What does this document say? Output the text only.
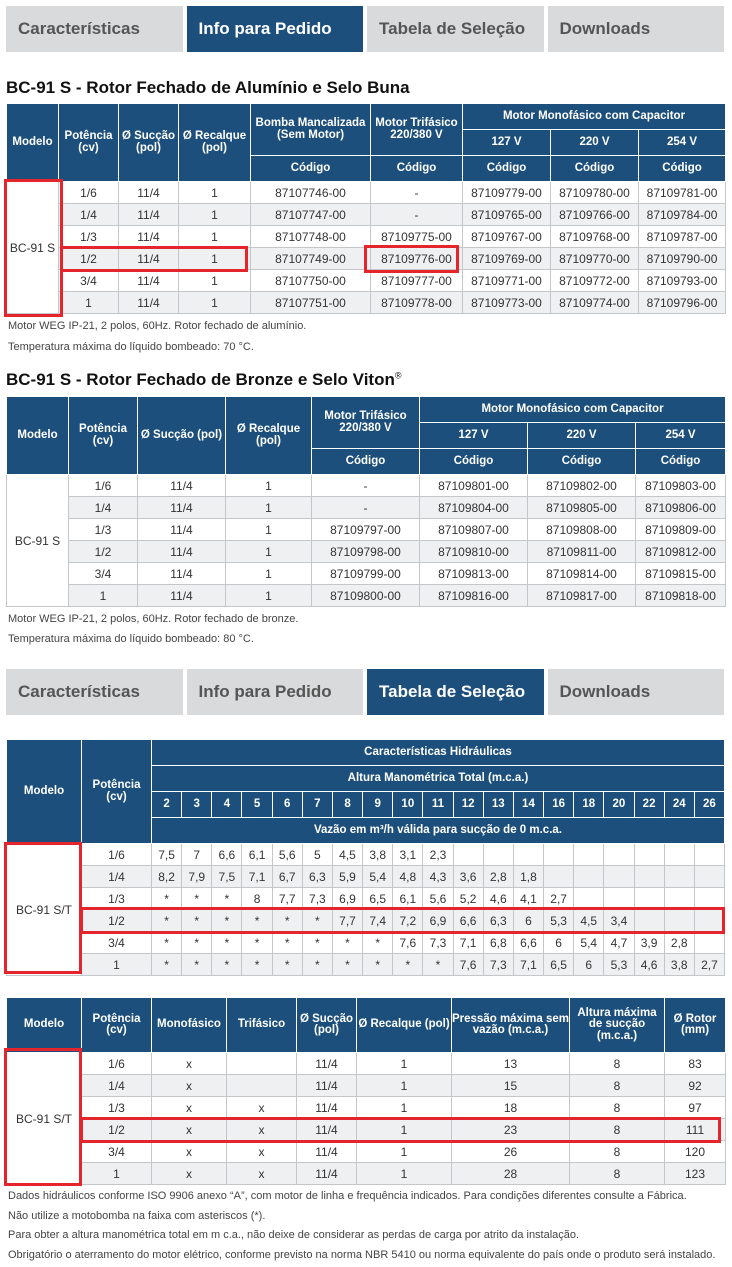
Características	Info para Pedido	Tabela de Seleção	Downloads
BC-91 S - Rotor Fechado de Alumínio e Selo Buna
Modelo	Potência (cv)	Ø Sucção (pol)	Ø Recalque (pol)	Bomba Mancalizada (Sem Motor)	Motor Trifásico 220/380 V	Motor Monofásico com Capacitor		
						127 V	220 V	254 V
				Código	Código	Código	Código	Código
BC-91 S	1/6	11/4	1	87107746-00	-	87109779-00	87109780-00	87109781-00
	1/4	11/4	1	87107747-00	-	87109765-00	87109766-00	87109784-00
	1/3	11/4	1	87107748-00	87109775-00	87109767-00	87109768-00	87109787-00
	1/2	11/4	1	87107749-00	87109776-00	87109769-00	87109770-00	87109790-00
	3/4	11/4	1	87107750-00	87109777-00	87109771-00	87109772-00	87109793-00
	1	11/4	1	87107751-00	87109778-00	87109773-00	87109774-00	87109796-00
Motor WEG IP-21, 2 polos, 60Hz. Rotor fechado de alumínio.
Temperatura máxima do líquido bombeado: 70 °C.
BC-91 S - Rotor Fechado de Bronze e Selo Viton®
Modelo	Potência (cv)	Ø Sucção (pol)	Ø Recalque (pol)	Motor Trifásico 220/380 V	Motor Monofásico com Capacitor		
					127 V	220 V	254 V
				Código	Código	Código	Código
BC-91 S	1/6	11/4	1	-	87109801-00	87109802-00	87109803-00
	1/4	11/4	1	-	87109804-00	87109805-00	87109806-00
	1/3	11/4	1	87109797-00	87109807-00	87109808-00	87109809-00
	1/2	11/4	1	87109798-00	87109810-00	87109811-00	87109812-00
	3/4	11/4	1	87109799-00	87109813-00	87109814-00	87109815-00
	1	11/4	1	87109800-00	87109816-00	87109817-00	87109818-00
Motor WEG IP-21, 2 polos, 60Hz. Rotor fechado de bronze.
Temperatura máxima do líquido bombeado: 80 °C.
Características	Info para Pedido	Tabela de Seleção	Downloads
Modelo	Potência (cv)	Características Hidráulicas																		
		Altura Manométrica Total (m.c.a.)																		
		2	3	4	5	6	7	8	9	10	11	12	13	14	16	18	20	22	24	26
		Vazão em m³/h válida para sucção de 0 m.c.a.																		
BC-91 S/T	1/6	7,5	7	6,6	6,1	5,6	5	4,5	3,8	3,1	2,3									
	1/4	8,2	7,9	7,5	7,1	6,7	6,3	5,9	5,4	4,8	4,3	3,6	2,8	1,8						
	1/3	*	*	*	8	7,7	7,3	6,9	6,5	6,1	5,6	5,2	4,6	4,1	2,7					
	1/2	*	*	*	*	*	*	7,7	7,4	7,2	6,9	6,6	6,3	6	5,3	4,5	3,4			
	3/4	*	*	*	*	*	*	*	*	7,6	7,3	7,1	6,8	6,6	6	5,4	4,7	3,9	2,8	
	1	*	*	*	*	*	*	*	*	*	*	7,6	7,3	7,1	6,5	6	5,3	4,6	3,8	2,7
Modelo	Potência (cv)	Monofásico	Trifásico	Ø Sucção (pol)	Ø Recalque (pol)	Pressão máxima sem vazão (m.c.a.)	Altura máxima de sucção (m.c.a.)	Ø Rotor (mm)
BC-91 S/T	1/6	x		11/4	1	13	8	83
	1/4	x		11/4	1	15	8	92
	1/3	x	x	11/4	1	18	8	97
	1/2	x	x	11/4	1	23	8	111
	3/4	x	x	11/4	1	26	8	120
	1	x	x	11/4	1	28	8	123
Dados hidráulicos conforme ISO 9906 anexo “A”, com motor de linha e frequência indicados. Para condições diferentes consulte a Fábrica.
Não utilize a motobomba na faixa com asteriscos (*).
Para obter a altura manométrica total em m c.a., não deixe de considerar as perdas de carga por atrito da instalação.
Obrigatório o aterramento do motor elétrico, conforme previsto na norma NBR 5410 ou norma equivalente do país onde o produto será instalado.
